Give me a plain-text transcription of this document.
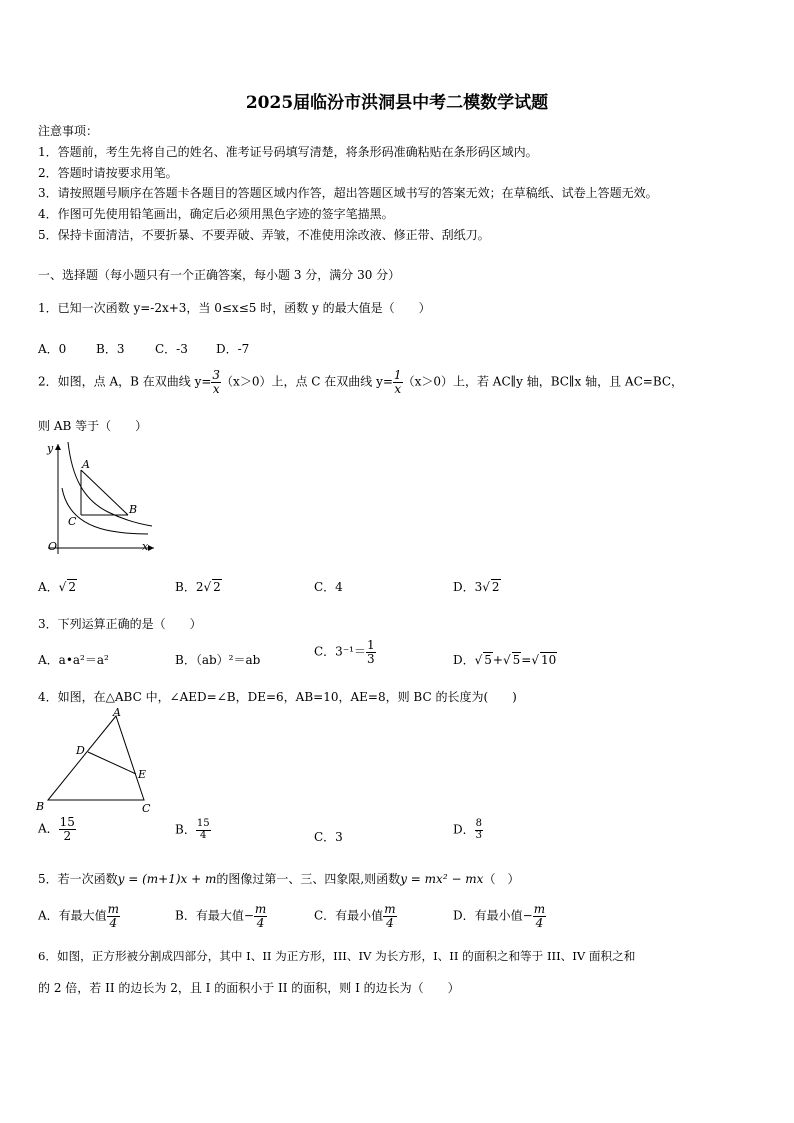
2025届临汾市洪洞县中考二模数学试题
注意事项：
1．答题前，考生先将自己的姓名、准考证号码填写清楚，将条形码准确粘贴在条形码区域内。
2．答题时请按要求用笔。
3．请按照题号顺序在答题卡各题目的答题区域内作答，超出答题区域书写的答案无效；在草稿纸、试卷上答题无效。
4．作图可先使用铅笔画出，确定后必须用黑色字迹的签字笔描黑。
5．保持卡面清洁，不要折暴、不要弄破、弄皱，不准使用涂改液、修正带、刮纸刀。
一、选择题（每小题只有一个正确答案，每小题 3 分，满分 30 分）
1．已知一次函数 y=-2x+3，当 0≤x≤5 时，函数 y 的最大值是（　　）
A．0 B．3	C．-3 D．-7
2．如图，点 A，B 在双曲线 $y= \frac{3}{x} (x>0)$上，点 C 在双曲线 $y= \frac{1}{x} (x>0)$上，若 AC∥y 轴，BC∥x 轴，且 AC=BC，
则 AB 等于（　　）
y
x
O
A
B
C
A．√ 2	B．2√ 2	C．4	D．3√ 2
3．下列运算正确的是（　　）
A．a•a²＝a²	B．（ab）²＝ab
C．$3^{-1}= \frac{1}{3}$	D．√ 5+√ 5=√ 10
4．如图，在△ABC 中，∠AED=∠B，DE=6，AB=10，AE=8，则 BC 的长度为(　　)
A
B	C
D
E
A． $\frac{15}{2}$	B． $\frac{15}{4}$	C．3
D． $\frac{8}{3}$
5．若一次函数y = (m+1)x + m的图像过第一、三、四象限,则函数y = mx² − mx（　）
A．有最大值 $\frac{m}{4}$	B．有最大值− $\frac{m}{4}$	C．有最小值 $\frac{m}{4}$	D．有最小值− $\frac{m}{4}$
6．如图，正方形被分割成四部分，其中 I、II 为正方形，III、IV 为长方形，I、II 的面积之和等于 III、IV 面积之和
的 2 倍，若 II 的边长为 2，且 I 的面积小于 II 的面积，则 I 的边长为（　　）
